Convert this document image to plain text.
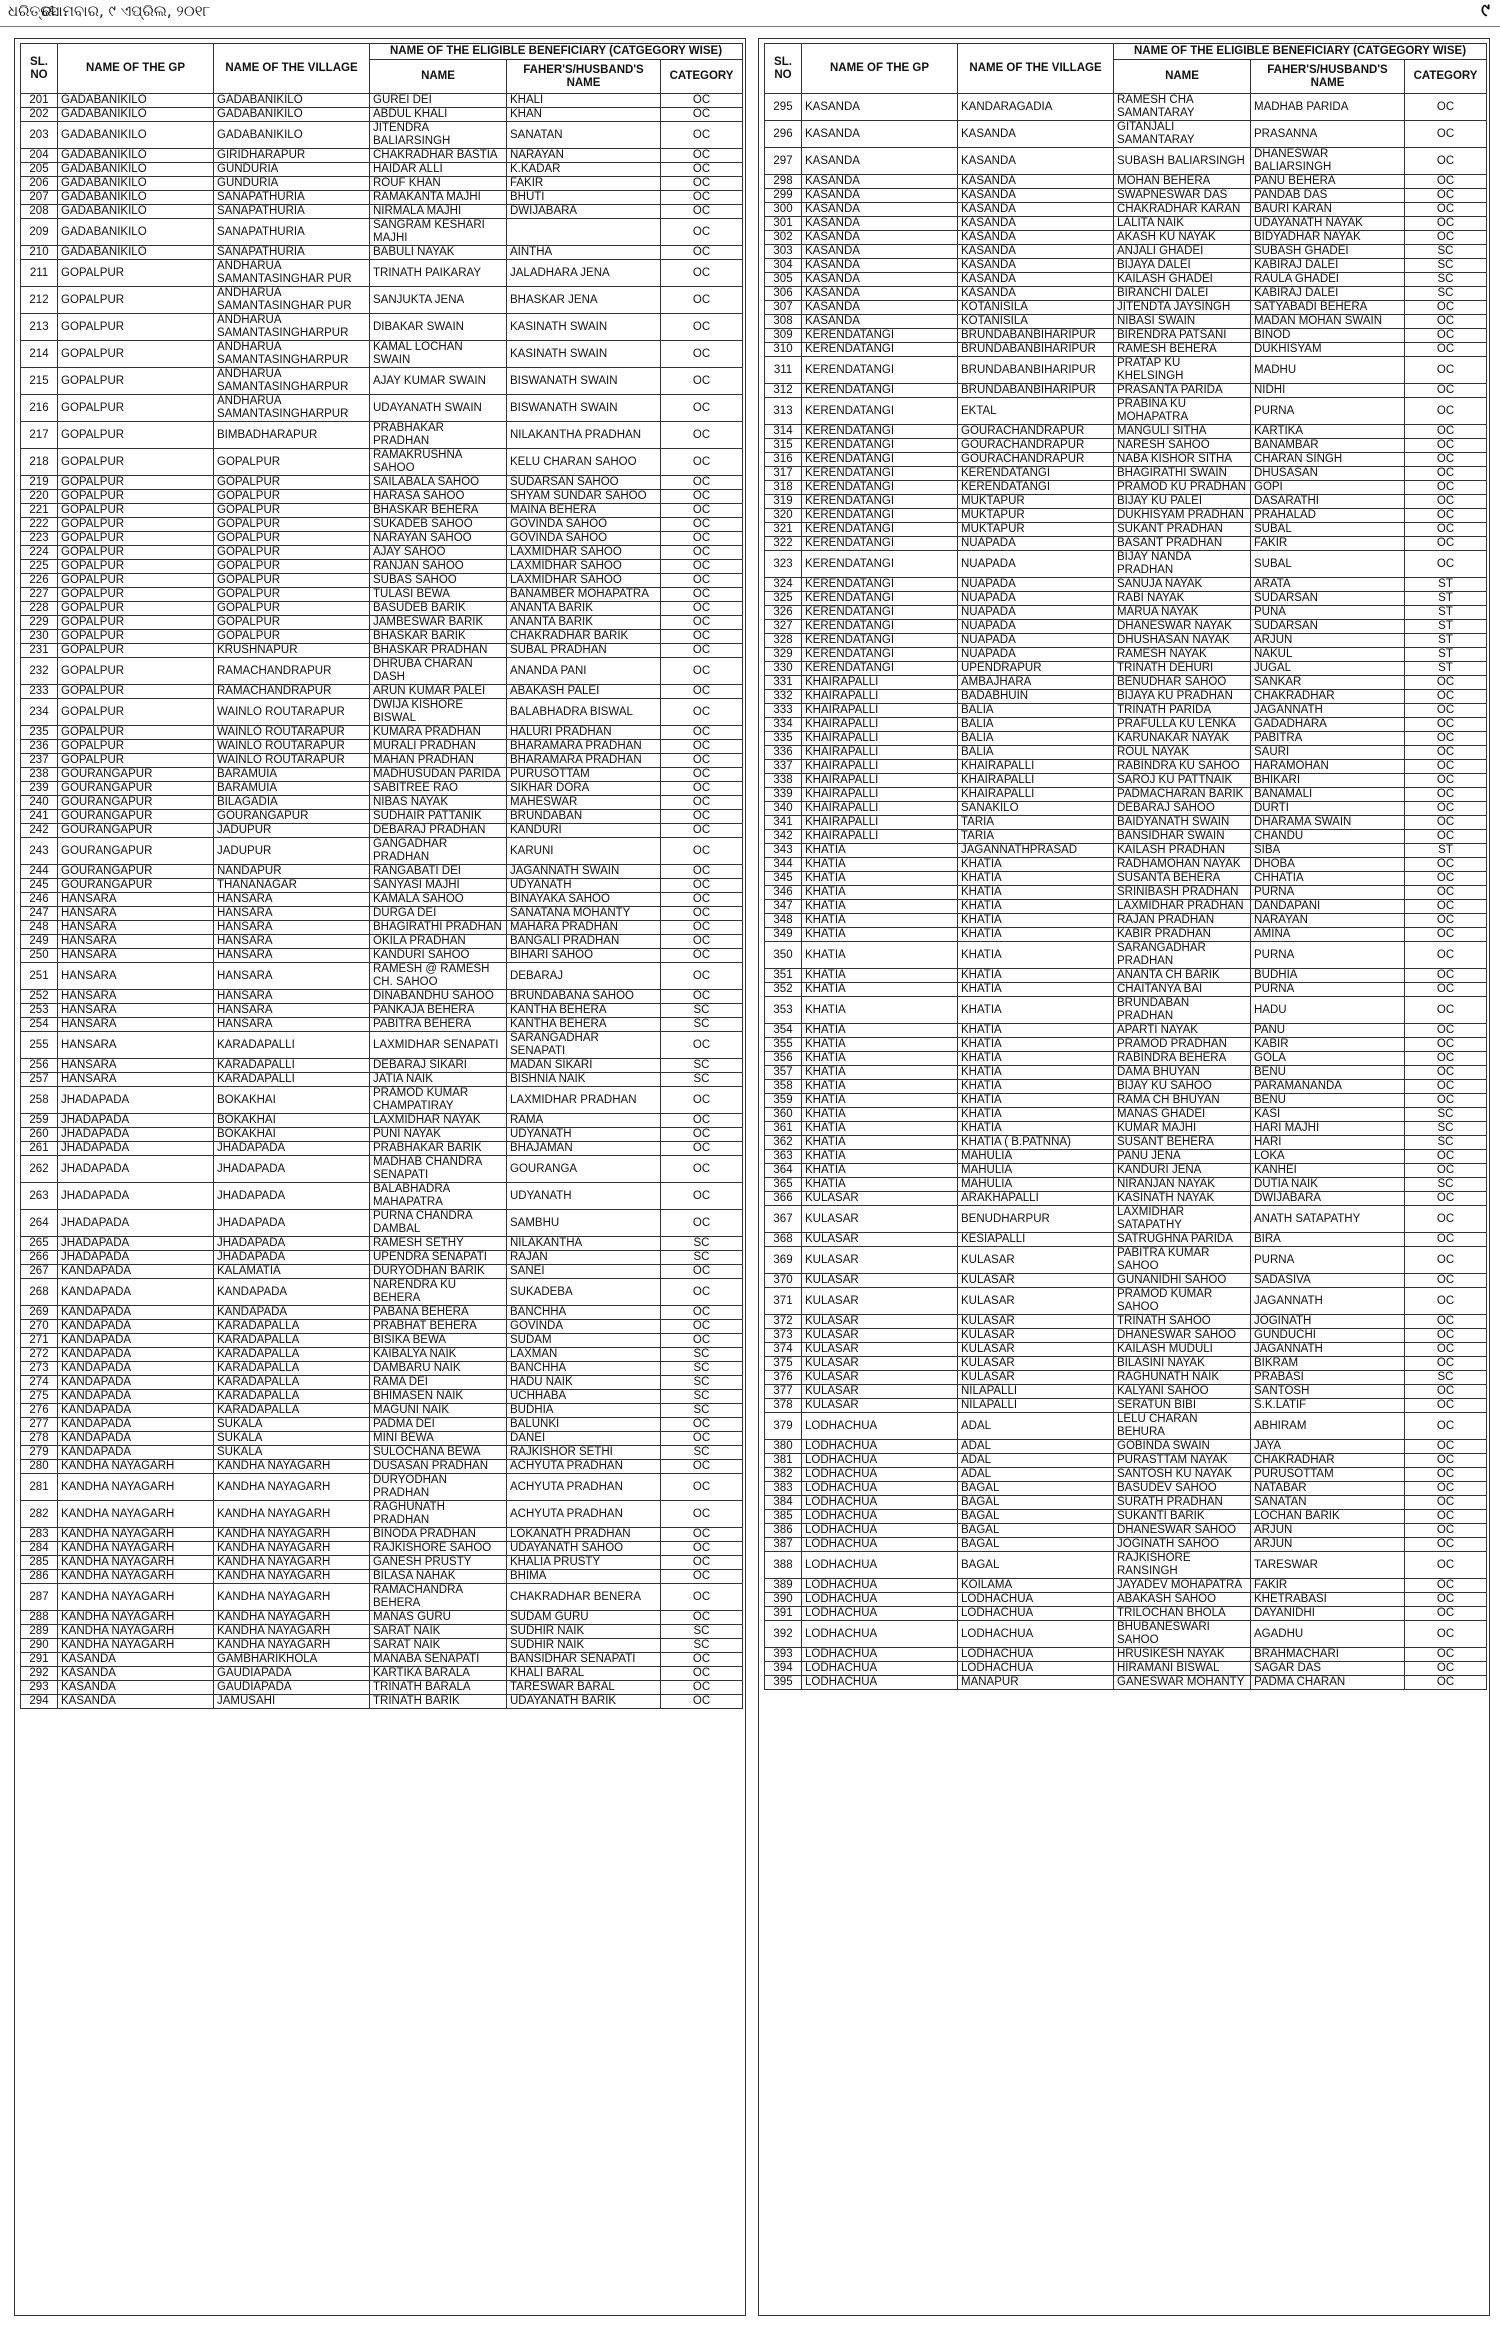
ଧରିତ୍ରୀ
ସୋମବାର, ୯ ଏପ୍ରିଲ, ୨୦୧୮	୯
SL. NO	NAME OF THE GP	NAME OF THE VILLAGE	NAME OF THE ELIGIBLE BENEFICIARY (CATGEGORY WISE)		
			NAME	FAHER'S/HUSBAND'S NAME	CATEGORY
201	GADABANIKILO	GADABANIKILO	GUREI DEI	KHALI	OC
202	GADABANIKILO	GADABANIKILO	ABDUL KHALI	KHAN	OC
203	GADABANIKILO	GADABANIKILO	JITENDRA BALIARSINGH	SANATAN	OC
204	GADABANIKILO	GIRIDHARAPUR	CHAKRADHAR BASTIA	NARAYAN	OC
205	GADABANIKILO	GUNDURIA	HAIDAR ALLI	K.KADAR	OC
206	GADABANIKILO	GUNDURIA	ROUF KHAN	FAKIR	OC
207	GADABANIKILO	SANAPATHURIA	RAMAKANTA MAJHI	BHUTI	OC
208	GADABANIKILO	SANAPATHURIA	NIRMALA MAJHI	DWIJABARA	OC
209	GADABANIKILO	SANAPATHURIA	SANGRAM KESHARI MAJHI		OC
210	GADABANIKILO	SANAPATHURIA	BABULI NAYAK	AINTHA	OC
211	GOPALPUR	ANDHARUA SAMANTASINGHAR PUR	TRINATH PAIKARAY	JALADHARA JENA	OC
212	GOPALPUR	ANDHARUA SAMANTASINGHAR PUR	SANJUKTA JENA	BHASKAR JENA	OC
213	GOPALPUR	ANDHARUA SAMANTASINGHARPUR	DIBAKAR SWAIN	KASINATH SWAIN	OC
214	GOPALPUR	ANDHARUA SAMANTASINGHARPUR	KAMAL LOCHAN SWAIN	KASINATH SWAIN	OC
215	GOPALPUR	ANDHARUA SAMANTASINGHARPUR	AJAY KUMAR SWAIN	BISWANATH SWAIN	OC
216	GOPALPUR	ANDHARUA SAMANTASINGHARPUR	UDAYANATH SWAIN	BISWANATH SWAIN	OC
217	GOPALPUR	BIMBADHARAPUR	PRABHAKAR PRADHAN	NILAKANTHA PRADHAN	OC
218	GOPALPUR	GOPALPUR	RAMAKRUSHNA SAHOO	KELU CHARAN SAHOO	OC
219	GOPALPUR	GOPALPUR	SAILABALA SAHOO	SUDARSAN SAHOO	OC
220	GOPALPUR	GOPALPUR	HARASA SAHOO	SHYAM SUNDAR SAHOO	OC
221	GOPALPUR	GOPALPUR	BHASKAR BEHERA	MAINA BEHERA	OC
222	GOPALPUR	GOPALPUR	SUKADEB SAHOO	GOVINDA SAHOO	OC
223	GOPALPUR	GOPALPUR	NARAYAN SAHOO	GOVINDA SAHOO	OC
224	GOPALPUR	GOPALPUR	AJAY SAHOO	LAXMIDHAR SAHOO	OC
225	GOPALPUR	GOPALPUR	RANJAN SAHOO	LAXMIDHAR SAHOO	OC
226	GOPALPUR	GOPALPUR	SUBAS SAHOO	LAXMIDHAR SAHOO	OC
227	GOPALPUR	GOPALPUR	TULASI BEWA	BANAMBER MOHAPATRA	OC
228	GOPALPUR	GOPALPUR	BASUDEB BARIK	ANANTA BARIK	OC
229	GOPALPUR	GOPALPUR	JAMBESWAR BARIK	ANANTA BARIK	OC
230	GOPALPUR	GOPALPUR	BHASKAR BARIK	CHAKRADHAR BARIK	OC
231	GOPALPUR	KRUSHNAPUR	BHASKAR PRADHAN	SUBAL PRADHAN	OC
232	GOPALPUR	RAMACHANDRAPUR	DHRUBA CHARAN DASH	ANANDA PANI	OC
233	GOPALPUR	RAMACHANDRAPUR	ARUN KUMAR PALEI	ABAKASH PALEI	OC
234	GOPALPUR	WAINLO ROUTARAPUR	DWIJA KISHORE BISWAL	BALABHADRA BISWAL	OC
235	GOPALPUR	WAINLO ROUTARAPUR	KUMARA PRADHAN	HALURI PRADHAN	OC
236	GOPALPUR	WAINLO ROUTARAPUR	MURALI PRADHAN	BHARAMARA PRADHAN	OC
237	GOPALPUR	WAINLO ROUTARAPUR	MAHAN PRADHAN	BHARAMARA PRADHAN	OC
238	GOURANGAPUR	BARAMUIA	MADHUSUDAN PARIDA	PURUSOTTAM	OC
239	GOURANGAPUR	BARAMUIA	SABITREE RAO	SIKHAR DORA	OC
240	GOURANGAPUR	BILAGADIA	NIBAS NAYAK	MAHESWAR	OC
241	GOURANGAPUR	GOURANGAPUR	SUDHAIR PATTANIK	BRUNDABAN	OC
242	GOURANGAPUR	JADUPUR	DEBARAJ PRADHAN	KANDURI	OC
243	GOURANGAPUR	JADUPUR	GANGADHAR PRADHAN	KARUNI	OC
244	GOURANGAPUR	NANDAPUR	RANGABATI DEI	JAGANNATH SWAIN	OC
245	GOURANGAPUR	THANANAGAR	SANYASI MAJHI	UDYANATH	OC
246	HANSARA	HANSARA	KAMALA SAHOO	BINAYAKA SAHOO	OC
247	HANSARA	HANSARA	DURGA DEI	SANATANA MOHANTY	OC
248	HANSARA	HANSARA	BHAGIRATHI PRADHAN	MAHARA PRADHAN	OC
249	HANSARA	HANSARA	OKILA PRADHAN	BANGALI PRADHAN	OC
250	HANSARA	HANSARA	KANDURI SAHOO	BIHARI SAHOO	OC
251	HANSARA	HANSARA	RAMESH @ RAMESH CH. SAHOO	DEBARAJ	OC
252	HANSARA	HANSARA	DINABANDHU SAHOO	BRUNDABANA SAHOO	OC
253	HANSARA	HANSARA	PANKAJA BEHERA	KANTHA BEHERA	SC
254	HANSARA	HANSARA	PABITRA BEHERA	KANTHA BEHERA	SC
255	HANSARA	KARADAPALLI	LAXMIDHAR SENAPATI	SARANGADHAR SENAPATI	OC
256	HANSARA	KARADAPALLI	DEBARAJ SIKARI	MADAN SIKARI	SC
257	HANSARA	KARADAPALLI	JATIA NAIK	BISHNIA NAIK	SC
258	JHADAPADA	BOKAKHAI	PRAMOD KUMAR CHAMPATIRAY	LAXMIDHAR PRADHAN	OC
259	JHADAPADA	BOKAKHAI	LAXMIDHAR NAYAK	RAMA	OC
260	JHADAPADA	BOKAKHAI	PUNI NAYAK	UDYANATH	OC
261	JHADAPADA	JHADAPADA	PRABHAKAR BARIK	BHAJAMAN	OC
262	JHADAPADA	JHADAPADA	MADHAB CHANDRA SENAPATI	GOURANGA	OC
263	JHADAPADA	JHADAPADA	BALABHADRA MAHAPATRA	UDYANATH	OC
264	JHADAPADA	JHADAPADA	PURNA CHANDRA DAMBAL	SAMBHU	OC
265	JHADAPADA	JHADAPADA	RAMESH SETHY	NILAKANTHA	SC
266	JHADAPADA	JHADAPADA	UPENDRA SENAPATI	RAJAN	SC
267	KANDAPADA	KALAMATIA	DURYODHAN BARIK	SANEI	OC
268	KANDAPADA	KANDAPADA	NARENDRA KU BEHERA	SUKADEBA	OC
269	KANDAPADA	KANDAPADA	PABANA BEHERA	BANCHHA	OC
270	KANDAPADA	KARADAPALLA	PRABHAT BEHERA	GOVINDA	OC
271	KANDAPADA	KARADAPALLA	BISIKA BEWA	SUDAM	OC
272	KANDAPADA	KARADAPALLA	KAIBALYA NAIK	LAXMAN	SC
273	KANDAPADA	KARADAPALLA	DAMBARU NAIK	BANCHHA	SC
274	KANDAPADA	KARADAPALLA	RAMA DEI	HADU NAIK	SC
275	KANDAPADA	KARADAPALLA	BHIMASEN NAIK	UCHHABA	SC
276	KANDAPADA	KARADAPALLA	MAGUNI NAIK	BUDHIA	SC
277	KANDAPADA	SUKALA	PADMA DEI	BALUNKI	OC
278	KANDAPADA	SUKALA	MINI BEWA	DANEI	OC
279	KANDAPADA	SUKALA	SULOCHANA BEWA	RAJKISHOR SETHI	SC
280	KANDHA NAYAGARH	KANDHA NAYAGARH	DUSASAN PRADHAN	ACHYUTA PRADHAN	OC
281	KANDHA NAYAGARH	KANDHA NAYAGARH	DURYODHAN PRADHAN	ACHYUTA PRADHAN	OC
282	KANDHA NAYAGARH	KANDHA NAYAGARH	RAGHUNATH PRADHAN	ACHYUTA PRADHAN	OC
283	KANDHA NAYAGARH	KANDHA NAYAGARH	BINODA PRADHAN	LOKANATH PRADHAN	OC
284	KANDHA NAYAGARH	KANDHA NAYAGARH	RAJKISHORE SAHOO	UDAYANATH SAHOO	OC
285	KANDHA NAYAGARH	KANDHA NAYAGARH	GANESH PRUSTY	KHALIA PRUSTY	OC
286	KANDHA NAYAGARH	KANDHA NAYAGARH	BILASA NAHAK	BHIMA	OC
287	KANDHA NAYAGARH	KANDHA NAYAGARH	RAMACHANDRA BEHERA	CHAKRADHAR BENERA	OC
288	KANDHA NAYAGARH	KANDHA NAYAGARH	MANAS GURU	SUDAM GURU	OC
289	KANDHA NAYAGARH	KANDHA NAYAGARH	SARAT NAIK	SUDHIR NAIK	SC
290	KANDHA NAYAGARH	KANDHA NAYAGARH	SARAT NAIK	SUDHIR NAIK	SC
291	KASANDA	GAMBHARIKHOLA	MANABA SENAPATI	BANSIDHAR SENAPATI	OC
292	KASANDA	GAUDIAPADA	KARTIKA BARALA	KHALI BARAL	OC
293	KASANDA	GAUDIAPADA	TRINATH BARALA	TARESWAR BARAL	OC
294	KASANDA	JAMUSAHI	TRINATH BARIK	UDAYANATH BARIK	OC
SL. NO	NAME OF THE GP	NAME OF THE VILLAGE	NAME OF THE ELIGIBLE BENEFICIARY (CATGEGORY WISE)		
			NAME	FAHER'S/HUSBAND'S NAME	CATEGORY
295	KASANDA	KANDARAGADIA	RAMESH CHA SAMANTARAY	MADHAB PARIDA	OC
296	KASANDA	KASANDA	GITANJALI SAMANTARAY	PRASANNA	OC
297	KASANDA	KASANDA	SUBASH BALIARSINGH	DHANESWAR BALIARSINGH	OC
298	KASANDA	KASANDA	MOHAN BEHERA	PANU BEHERA	OC
299	KASANDA	KASANDA	SWAPNESWAR DAS	PANDAB DAS	OC
300	KASANDA	KASANDA	CHAKRADHAR KARAN	BAURI KARAN	OC
301	KASANDA	KASANDA	LALITA NAIK	UDAYANATH NAYAK	OC
302	KASANDA	KASANDA	AKASH KU NAYAK	BIDYADHAR NAYAK	OC
303	KASANDA	KASANDA	ANJALI GHADEI	SUBASH GHADEI	SC
304	KASANDA	KASANDA	BIJAYA DALEI	KABIRAJ DALEI	SC
305	KASANDA	KASANDA	KAILASH GHADEI	RAULA GHADEI	SC
306	KASANDA	KASANDA	BIRANCHI DALEI	KABIRAJ DALEI	SC
307	KASANDA	KOTANISILA	JITENDTA JAYSINGH	SATYABADI BEHERA	OC
308	KASANDA	KOTANISILA	NIBASI SWAIN	MADAN MOHAN SWAIN	OC
309	KERENDATANGI	BRUNDABANBIHARIPUR	BIRENDRA PATSANI	BINOD	OC
310	KERENDATANGI	BRUNDABANBIHARIPUR	RAMESH BEHERA	DUKHISYAM	OC
311	KERENDATANGI	BRUNDABANBIHARIPUR	PRATAP KU KHELSINGH	MADHU	OC
312	KERENDATANGI	BRUNDABANBIHARIPUR	PRASANTA PARIDA	NIDHI	OC
313	KERENDATANGI	EKTAL	PRABINA KU MOHAPATRA	PURNA	OC
314	KERENDATANGI	GOURACHANDRAPUR	MANGULI SITHA	KARTIKA	OC
315	KERENDATANGI	GOURACHANDRAPUR	NARESH SAHOO	BANAMBAR	OC
316	KERENDATANGI	GOURACHANDRAPUR	NABA KISHOR SITHA	CHARAN SINGH	OC
317	KERENDATANGI	KERENDATANGI	BHAGIRATHI SWAIN	DHUSASAN	OC
318	KERENDATANGI	KERENDATANGI	PRAMOD KU PRADHAN	GOPI	OC
319	KERENDATANGI	MUKTAPUR	BIJAY KU PALEI	DASARATHI	OC
320	KERENDATANGI	MUKTAPUR	DUKHISYAM PRADHAN	PRAHALAD	OC
321	KERENDATANGI	MUKTAPUR	SUKANT PRADHAN	SUBAL	OC
322	KERENDATANGI	NUAPADA	BASANT PRADHAN	FAKIR	OC
323	KERENDATANGI	NUAPADA	BIJAY NANDA PRADHAN	SUBAL	OC
324	KERENDATANGI	NUAPADA	SANUJA NAYAK	ARATA	ST
325	KERENDATANGI	NUAPADA	RABI NAYAK	SUDARSAN	ST
326	KERENDATANGI	NUAPADA	MARUA NAYAK	PUNA	ST
327	KERENDATANGI	NUAPADA	DHANESWAR NAYAK	SUDARSAN	ST
328	KERENDATANGI	NUAPADA	DHUSHASAN NAYAK	ARJUN	ST
329	KERENDATANGI	NUAPADA	RAMESH NAYAK	NAKUL	ST
330	KERENDATANGI	UPENDRAPUR	TRINATH DEHURI	JUGAL	ST
331	KHAIRAPALLI	AMBAJHARA	BENUDHAR SAHOO	SANKAR	OC
332	KHAIRAPALLI	BADABHUIN	BIJAYA KU PRADHAN	CHAKRADHAR	OC
333	KHAIRAPALLI	BALIA	TRINATH PARIDA	JAGANNATH	OC
334	KHAIRAPALLI	BALIA	PRAFULLA KU LENKA	GADADHARA	OC
335	KHAIRAPALLI	BALIA	KARUNAKAR NAYAK	PABITRA	OC
336	KHAIRAPALLI	BALIA	ROUL NAYAK	SAURI	OC
337	KHAIRAPALLI	KHAIRAPALLI	RABINDRA KU SAHOO	HARAMOHAN	OC
338	KHAIRAPALLI	KHAIRAPALLI	SAROJ KU PATTNAIK	BHIKARI	OC
339	KHAIRAPALLI	KHAIRAPALLI	PADMACHARAN BARIK	BANAMALI	OC
340	KHAIRAPALLI	SANAKILO	DEBARAJ SAHOO	DURTI	OC
341	KHAIRAPALLI	TARIA	BAIDYANATH SWAIN	DHARAMA SWAIN	OC
342	KHAIRAPALLI	TARIA	BANSIDHAR SWAIN	CHANDU	OC
343	KHATIA	JAGANNATHPRASAD	KAILASH PRADHAN	SIBA	ST
344	KHATIA	KHATIA	RADHAMOHAN NAYAK	DHOBA	OC
345	KHATIA	KHATIA	SUSANTA BEHERA	CHHATIA	OC
346	KHATIA	KHATIA	SRINIBASH PRADHAN	PURNA	OC
347	KHATIA	KHATIA	LAXMIDHAR PRADHAN	DANDAPANI	OC
348	KHATIA	KHATIA	RAJAN PRADHAN	NARAYAN	OC
349	KHATIA	KHATIA	KABIR PRADHAN	AMINA	OC
350	KHATIA	KHATIA	SARANGADHAR PRADHAN	PURNA	OC
351	KHATIA	KHATIA	ANANTA CH BARIK	BUDHIA	OC
352	KHATIA	KHATIA	CHAITANYA BAI	PURNA	OC
353	KHATIA	KHATIA	BRUNDABAN PRADHAN	HADU	OC
354	KHATIA	KHATIA	APARTI NAYAK	PANU	OC
355	KHATIA	KHATIA	PRAMOD PRADHAN	KABIR	OC
356	KHATIA	KHATIA	RABINDRA BEHERA	GOLA	OC
357	KHATIA	KHATIA	DAMA BHUYAN	BENU	OC
358	KHATIA	KHATIA	BIJAY KU SAHOO	PARAMANANDA	OC
359	KHATIA	KHATIA	RAMA CH BHUYAN	BENU	OC
360	KHATIA	KHATIA	MANAS GHADEI	KASI	SC
361	KHATIA	KHATIA	KUMAR MAJHI	HARI MAJHI	SC
362	KHATIA	KHATIA ( B.PATNNA)	SUSANT BEHERA	HARI	SC
363	KHATIA	MAHULIA	PANU JENA	LOKA	OC
364	KHATIA	MAHULIA	KANDURI JENA	KANHEI	OC
365	KHATIA	MAHULIA	NIRANJAN NAYAK	DUTIA NAIK	SC
366	KULASAR	ARAKHAPALLI	KASINATH NAYAK	DWIJABARA	OC
367	KULASAR	BENUDHARPUR	LAXMIDHAR SATAPATHY	ANATH SATAPATHY	OC
368	KULASAR	KESIAPALLI	SATRUGHNA PARIDA	BIRA	OC
369	KULASAR	KULASAR	PABITRA KUMAR SAHOO	PURNA	OC
370	KULASAR	KULASAR	GUNANIDHI SAHOO	SADASIVA	OC
371	KULASAR	KULASAR	PRAMOD KUMAR SAHOO	JAGANNATH	OC
372	KULASAR	KULASAR	TRINATH SAHOO	JOGINATH	OC
373	KULASAR	KULASAR	DHANESWAR SAHOO	GUNDUCHI	OC
374	KULASAR	KULASAR	KAILASH MUDULI	JAGANNATH	OC
375	KULASAR	KULASAR	BILASINI NAYAK	BIKRAM	OC
376	KULASAR	KULASAR	RAGHUNATH NAIK	PRABASI	SC
377	KULASAR	NILAPALLI	KALYANI SAHOO	SANTOSH	OC
378	KULASAR	NILAPALLI	SERATUN BIBI	S.K.LATIF	OC
379	LODHACHUA	ADAL	LELU CHARAN BEHURA	ABHIRAM	OC
380	LODHACHUA	ADAL	GOBINDA SWAIN	JAYA	OC
381	LODHACHUA	ADAL	PURASTTAM NAYAK	CHAKRADHAR	OC
382	LODHACHUA	ADAL	SANTOSH KU NAYAK	PURUSOTTAM	OC
383	LODHACHUA	BAGAL	BASUDEV SAHOO	NATABAR	OC
384	LODHACHUA	BAGAL	SURATH PRADHAN	SANATAN	OC
385	LODHACHUA	BAGAL	SUKANTI BARIK	LOCHAN BARIK	OC
386	LODHACHUA	BAGAL	DHANESWAR SAHOO	ARJUN	OC
387	LODHACHUA	BAGAL	JOGINATH SAHOO	ARJUN	OC
388	LODHACHUA	BAGAL	RAJKISHORE RANSINGH	TARESWAR	OC
389	LODHACHUA	KOILAMA	JAYADEV MOHAPATRA	FAKIR	OC
390	LODHACHUA	LODHACHUA	ABAKASH SAHOO	KHETRABASI	OC
391	LODHACHUA	LODHACHUA	TRILOCHAN BHOLA	DAYANIDHI	OC
392	LODHACHUA	LODHACHUA	BHUBANESWARI SAHOO	AGADHU	OC
393	LODHACHUA	LODHACHUA	HRUSIKESH NAYAK	BRAHMACHARI	OC
394	LODHACHUA	LODHACHUA	HIRAMANI BISWAL	SAGAR DAS	OC
395	LODHACHUA	MANAPUR	GANESWAR MOHANTY	PADMA CHARAN	OC
